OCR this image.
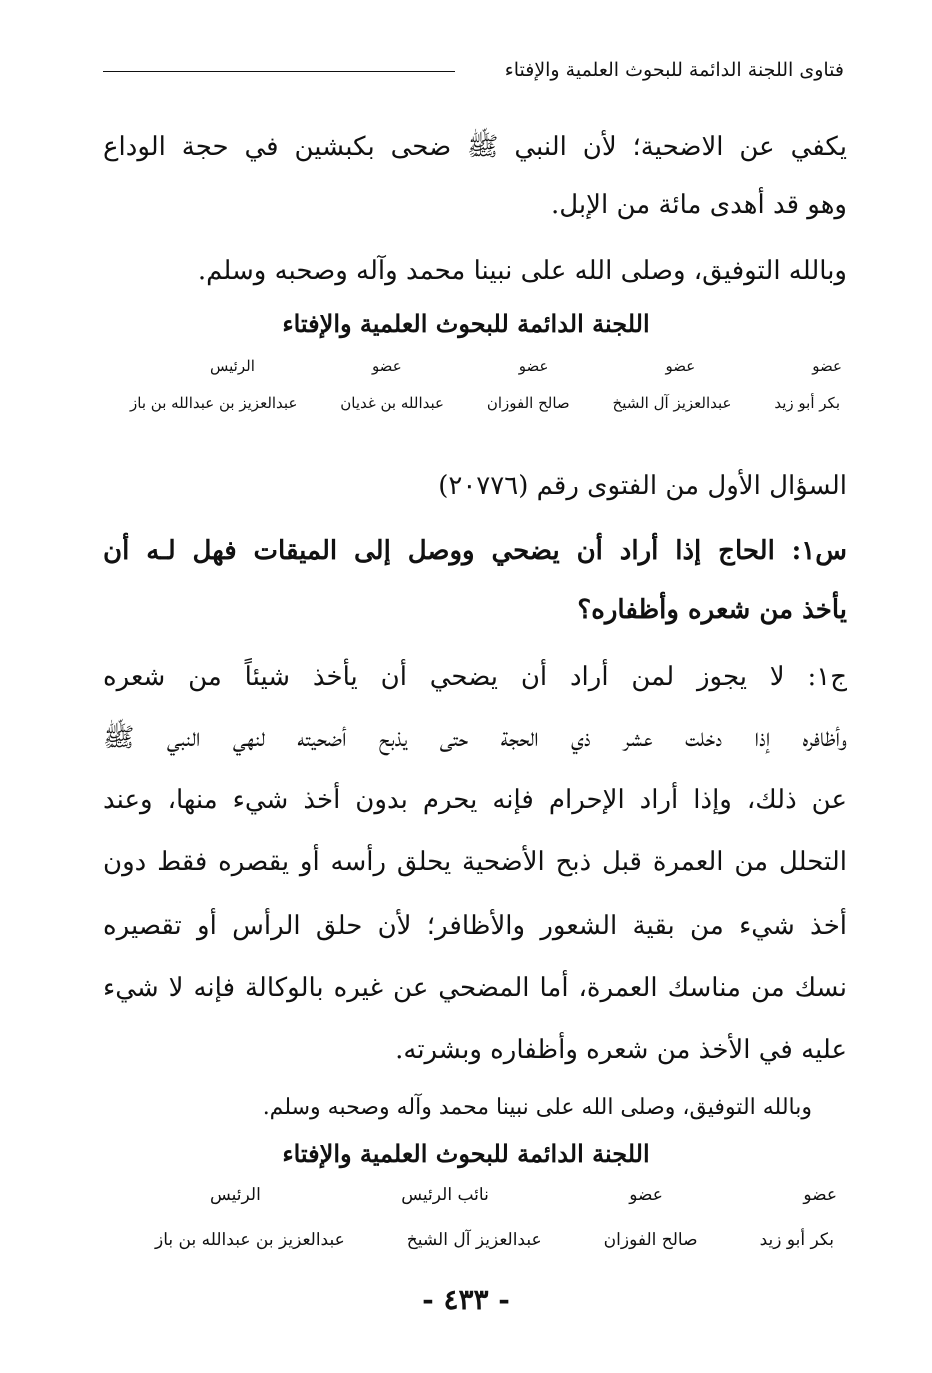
فتاوى اللجنة الدائمة للبحوث العلمية والإفتاء
يكفي عن الاضحية؛ لأن النبي ﷺ ضحى بكبشين في حجة الوداع
وهو قد أهدى مائة من الإبل.
وبالله التوفيق، وصلى الله على نبينا محمد وآله وصحبه وسلم.
اللجنة الدائمة للبحوث العلمية والإفتاء
عضو
عضو
عضو
عضو
الرئيس
بكر أبو زيد
عبدالعزيز آل الشيخ
صالح الفوزان
عبدالله بن غديان
عبدالعزيز بن عبدالله بن باز
السؤال الأول من الفتوى رقم (٢٠٧٧٦)
س١: الحاج إذا أراد أن يضحي ووصل إلى الميقات فهل لـه أن
يأخذ من شعره وأظفاره؟
ج١: لا يجوز لمن أراد أن يضحي أن يأخذ شيئاً من شعره
وأظافره إذا دخلت عشر ذي الحجة حتى يذبح أضحيته لنهي النبي ﷺ
عن ذلك، وإذا أراد الإحرام فإنه يحرم بدون أخذ شيء منها، وعند
التحلل من العمرة قبل ذبح الأضحية يحلق رأسه أو يقصره فقط دون
أخذ شيء من بقية الشعور والأظافر؛ لأن حلق الرأس أو تقصيره
نسك من مناسك العمرة، أما المضحي عن غيره بالوكالة فإنه لا شيء
عليه في الأخذ من شعره وأظفاره وبشرته.
وبالله التوفيق، وصلى الله على نبينا محمد وآله وصحبه وسلم.
اللجنة الدائمة للبحوث العلمية والإفتاء
عضو
عضو
نائب الرئيس
الرئيس
بكر أبو زيد
صالح الفوزان
عبدالعزيز آل الشيخ
عبدالعزيز بن عبدالله بن باز
- ٤٣٣ -
